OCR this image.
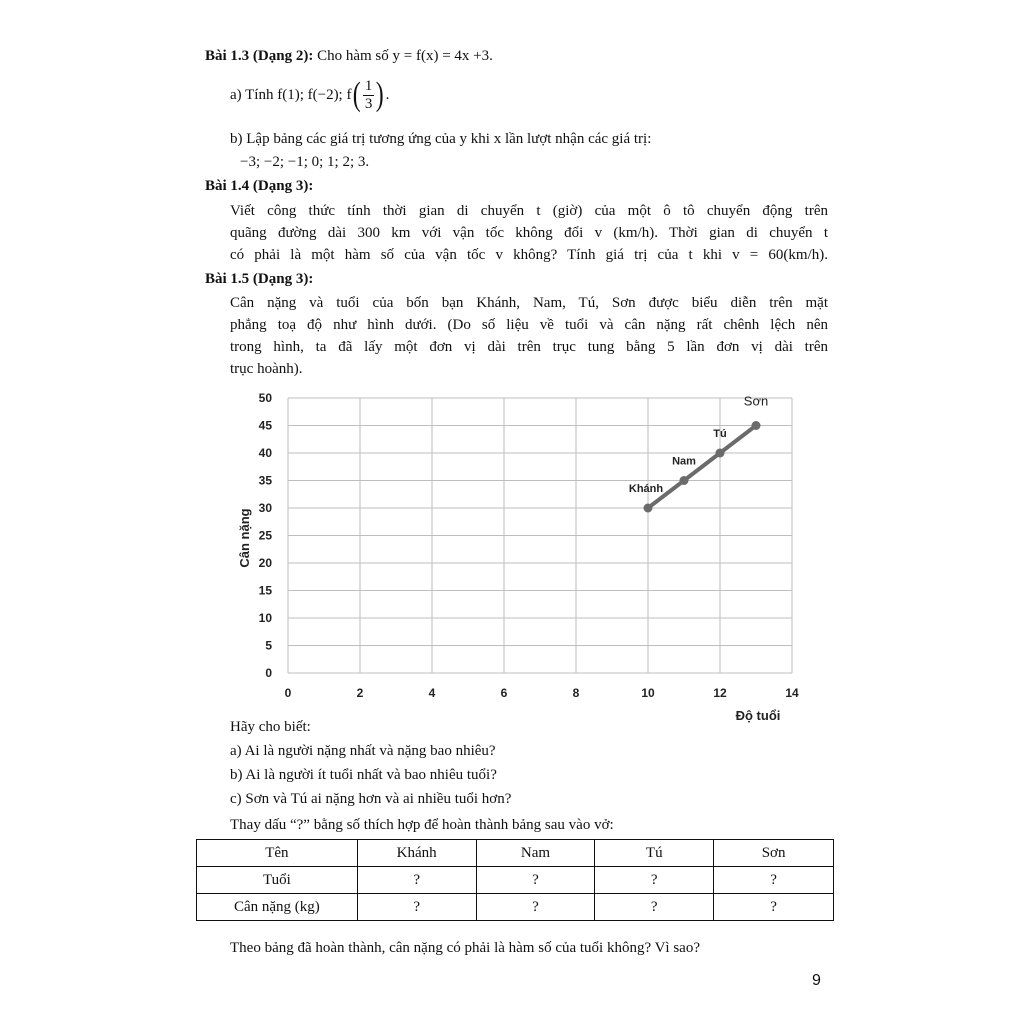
Bài 1.3 (Dạng 2): Cho hàm số y = f(x) = 4x +3.
a) Tính f(1); f(−2); f ( $\frac{1}{3}$ ) .
b) Lập bảng các giá trị tương ứng của y khi x lần lượt nhận các giá trị:
−3; −2; −1; 0; 1; 2; 3.
Bài 1.4 (Dạng 3):
Viết công thức tính thời gian di chuyển t (giờ) của một ô tô chuyển động trên
quãng đường dài 300 km với vận tốc không đổi v (km/h). Thời gian di chuyển t
có phải là một hàm số của vận tốc v không? Tính giá trị của t khi v = 60(km/h).
Bài 1.5 (Dạng 3):
Cân nặng và tuổi của bốn bạn Khánh, Nam, Tú, Sơn được biểu diễn trên mặt
phẳng toạ độ như hình dưới. (Do số liệu về tuổi và cân nặng rất chênh lệch nên
trong hình, ta đã lấy một đơn vị dài trên trục tung bằng 5 lần đơn vị dài trên
trục hoành).
0
5
10
15
20
25
30
35
40
45
50
0	2	4	6	8	10	12	14
Khánh
Nam
Tú
Sơn
Độ tuổi
Cân nặng
Hãy cho biết:
a) Ai là người nặng nhất và nặng bao nhiêu?
b) Ai là người ít tuổi nhất và bao nhiêu tuổi?
c) Sơn và Tú ai nặng hơn và ai nhiều tuổi hơn?
Thay dấu “?” bằng số thích hợp để hoàn thành bảng sau vào vở:
Tên	Khánh	Nam	Tú	Sơn
Tuổi	?	?	?	?
Cân nặng (kg)	?	?	?	?
Theo bảng đã hoàn thành, cân nặng có phải là hàm số của tuổi không? Vì sao?
9
